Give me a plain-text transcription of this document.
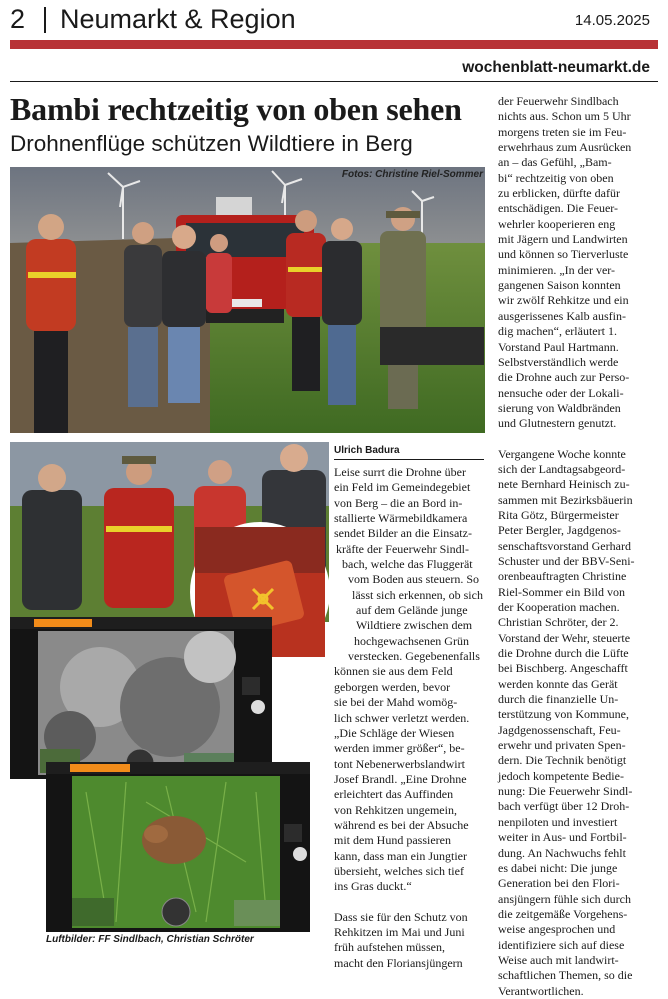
2 Neumarkt & Region	14.05.2025
wochenblatt-neumarkt.de
Bambi rechtzeitig von oben sehen
Drohnenflüge schützen Wildtiere in Berg
Fotos: Christine Riel-Sommer
Luftbilder: FF Sindlbach, Christian Schröter
Ulrich Badura

Leise surrt die Drohne über
ein Feld im Gemeindegebiet
von Berg – die an Bord in-
stallierte Wärmebildkamera
sendet Bilder an die Einsatz-
kräfte der Feuerwehr Sindl-
bach, welche das Fluggerät
vom Boden aus steuern. So
lässt sich erkennen, ob sich
auf dem Gelände junge
Wildtiere zwischen dem
hochgewachsenen Grün
verstecken. Gegebenenfalls
können sie aus dem Feld
geborgen werden, bevor
sie bei der Mahd womög-
lich schwer verletzt werden.
„Die Schläge der Wiesen
werden immer größer“, be-
tont Nebenerwerbslandwirt
Josef Brandl. „Eine Drohne
erleichtert das Auffinden
von Rehkitzen ungemein,
während es bei der Absuche
mit dem Hund passieren
kann, dass man ein Jungtier
übersieht, welches sich tief
ins Gras duckt.“

Dass sie für den Schutz von
Rehkitzen im Mai und Juni
früh aufstehen müssen,
macht den Floriansjüngern

der Feuerwehr Sindlbach
nichts aus. Schon um 5 Uhr
morgens treten sie im Feu-
erwehrhaus zum Ausrücken
an – das Gefühl, „Bam-
bi“ rechtzeitig von oben
zu erblicken, dürfte dafür
entschädigen. Die Feuer-
wehrler kooperieren eng
mit Jägern und Landwirten
und können so Tierverluste
minimieren. „In der ver-
gangenen Saison konnten
wir zwölf Rehkitze und ein
ausgerissenes Kalb ausfin-
dig machen“, erläutert 1.
Vorstand Paul Hartmann.
Selbstverständlich werde
die Drohne auch zur Perso-
nensuche oder der Lokali-
sierung von Waldbränden
und Glutnestern genutzt.

Vergangene Woche konnte
sich der Landtagsabgeord-
nete Bernhard Heinisch zu-
sammen mit Bezirksbäuerin
Rita Götz, Bürgermeister
Peter Bergler, Jagdgenos-
senschaftsvorstand Gerhard
Schuster und der BBV-Seni-
orenbeauftragten Christine
Riel-Sommer ein Bild von
der Kooperation machen.
Christian Schröter, der 2.
Vorstand der Wehr, steuerte
die Drohne durch die Lüfte
bei Bischberg. Angeschafft
werden konnte das Gerät
durch die finanzielle Un-
terstützung von Kommune,
Jagdgenossenschaft, Feu-
erwehr und privaten Spen-
dern. Die Technik benötigt
jedoch kompetente Bedie-
nung: Die Feuerwehr Sindl-
bach verfügt über 12 Droh-
nenpiloten und investiert
weiter in Aus- und Fortbil-
dung. An Nachwuchs fehlt
es dabei nicht: Die junge
Generation bei den Flori-
ansjüngern fühle sich durch
die zeitgemäße Vorgehens-
weise angesprochen und
identifiziere sich auf diese
Weise auch mit landwirt-
schaftlichen Themen, so die
Verantwortlichen.
